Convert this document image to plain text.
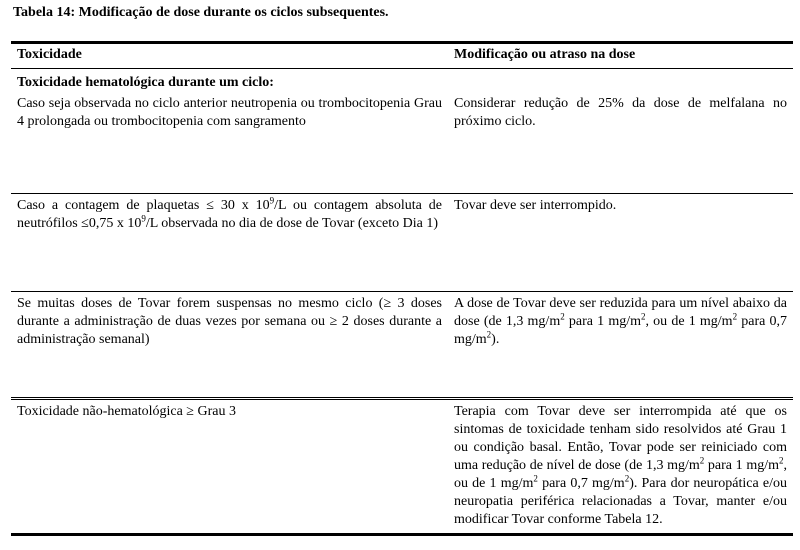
Tabela 14: Modificação de dose durante os ciclos subsequentes.
Toxicidade	Modificação ou atraso na dose
Toxicidade hematológica durante um ciclo:
Caso seja observada no ciclo anterior neutropenia ou trombocitopenia Grau 4 prolongada ou trombocitopenia com sangramento
Considerar redução de 25% da dose de melfalana no próximo ciclo.
Caso a contagem de plaquetas ≤ 30 x $10^9/L$ ou contagem absoluta de neutrófilos ≤0,75 x $10^9/L$ observada no dia de dose de Tovar (exceto Dia 1)
Tovar deve ser interrompido.
Se muitas doses de Tovar forem suspensas no mesmo ciclo (≥ 3 doses durante a administração de duas vezes por semana ou ≥ 2 doses durante a administração semanal)
A dose de Tovar deve ser reduzida para um nível abaixo da dose (de 1,3 $mg/m^2$ para 1 $mg/m^2$, ou de 1 $mg/m^2$ para 0,7 $mg/m^2$).
Toxicidade não-hematológica ≥ Grau 3	Terapia com Tovar deve ser interrompida até que os sintomas de toxicidade tenham sido resolvidos até Grau 1 ou condição basal. Então, Tovar pode ser reiniciado com uma redução de nível de dose (de 1,3 $mg/m^2$ para 1 $mg/m^2$, ou de 1 $mg/m^2$ para 0,7 $mg/m^2$). Para dor neuropática e/ou neuropatia periférica relacionadas a Tovar, manter e/ou modificar Tovar conforme Tabela 12.
